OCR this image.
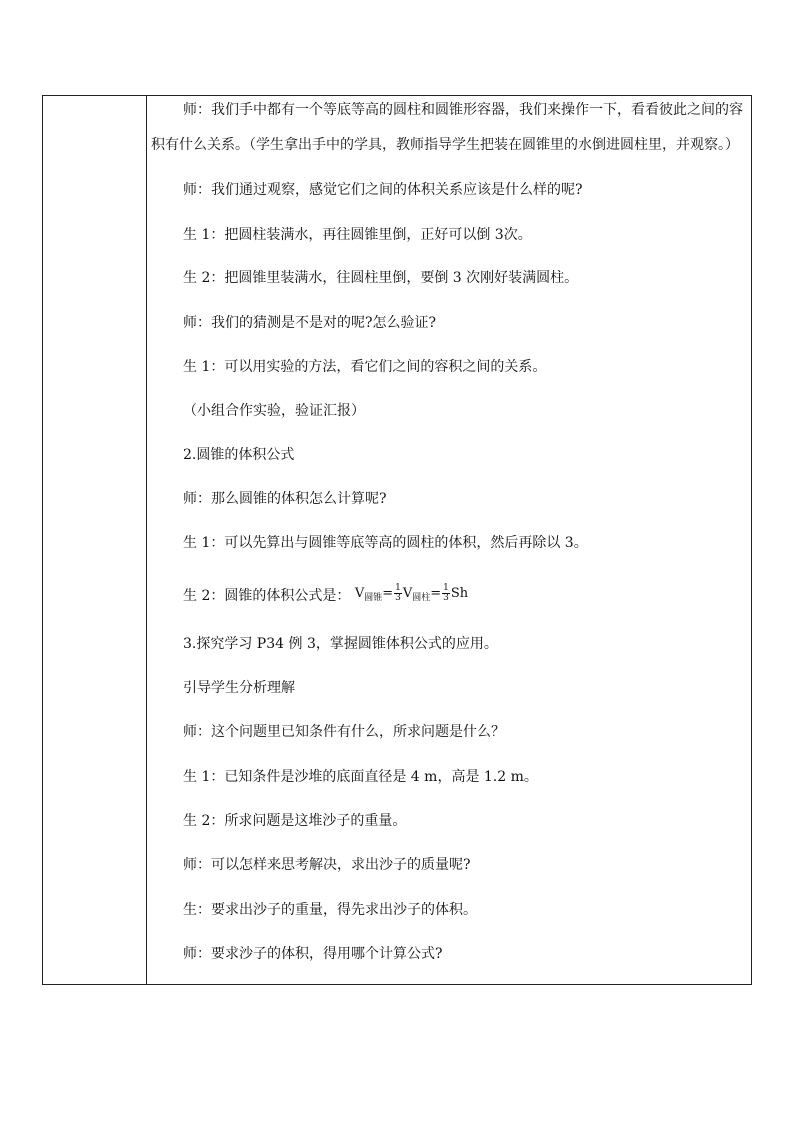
师：我们手中都有一个等底等高的圆柱和圆锥形容器，我们来操作一下，看看彼此之间的容
积有什么关系。（学生拿出手中的学具，教师指导学生把装在圆锥里的水倒进圆柱里，并观察。）
师：我们通过观察，感觉它们之间的体积关系应该是什么样的呢?
生 1：把圆柱装满水，再往圆锥里倒，正好可以倒 3次。
生 2：把圆锥里装满水，往圆柱里倒，要倒 3 次刚好装满圆柱。
师：我们的猜测是不是对的呢?怎么验证?
生 1：可以用实验的方法，看它们之间的容积之间的关系。
（小组合作实验，验证汇报）
2.圆锥的体积公式
师：那么圆锥的体积怎么计算呢?
生 1：可以先算出与圆锥等底等高的圆柱的体积，然后再除以 3。
生 2：圆锥的体积公式是： $V_{圆锥}= \frac{1}{3} V_{圆柱}= \frac{1}{3}$ Sh
3.探究学习 P34 例 3，掌握圆锥体积公式的应用。
引导学生分析理解
师：这个问题里已知条件有什么，所求问题是什么？
生 1：已知条件是沙堆的底面直径是 4 m，高是 1.2 m。
生 2：所求问题是这堆沙子的重量。
师：可以怎样来思考解决，求出沙子的质量呢?
生：要求出沙子的重量，得先求出沙子的体积。
师：要求沙子的体积，得用哪个计算公式?
